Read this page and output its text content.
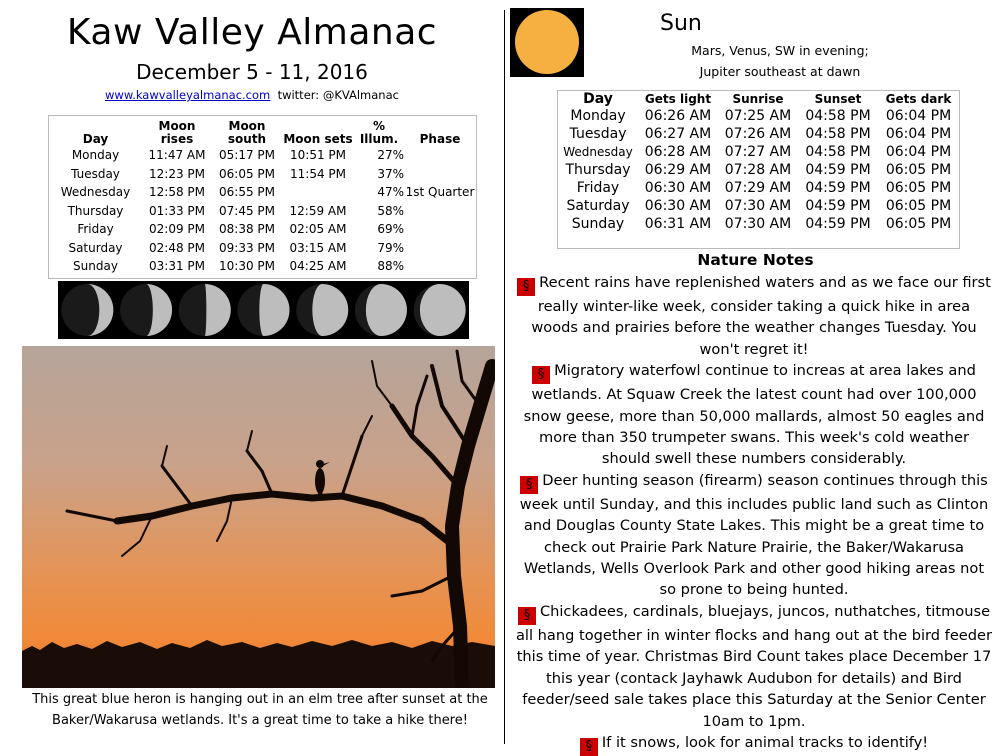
Kaw Valley Almanac
December 5 - 11, 2016
www.kawvalleyalmanac.com twitter: @KVAlmanac
Day	Moon rises	Moon south	Moon sets	% Illum.	Phase
Monday	11:47 AM	05:17 PM	10:51 PM	27%	
Tuesday	12:23 PM	06:05 PM	11:54 PM	37%	
Wednesday	12:58 PM	06:55 PM		47%	1st Quarter
Thursday	01:33 PM	07:45 PM	12:59 AM	58%	
Friday	02:09 PM	08:38 PM	02:05 AM	69%	
Saturday	02:48 PM	09:33 PM	03:15 AM	79%	
Sunday	03:31 PM	10:30 PM	04:25 AM	88%	
This great blue heron is hanging out in an elm tree after sunset at the Baker/Wakarusa wetlands. It's a great time to take a hike there!
Sun
Mars, Venus, SW in evening;
Jupiter southeast at dawn
Day	Gets light	Sunrise	Sunset	Gets dark
Monday	06:26 AM	07:25 AM	04:58 PM	06:04 PM
Tuesday	06:27 AM	07:26 AM	04:58 PM	06:04 PM
Wednesday	06:28 AM	07:27 AM	04:58 PM	06:04 PM
Thursday	06:29 AM	07:28 AM	04:59 PM	06:05 PM
Friday	06:30 AM	07:29 AM	04:59 PM	06:05 PM
Saturday	06:30 AM	07:30 AM	04:59 PM	06:05 PM
Sunday	06:31 AM	07:30 AM	04:59 PM	06:05 PM
Nature Notes

§ Recent rains have replenished waters and as we face our first really winter-like week, consider taking a quick hike in area woods and prairies before the weather changes Tuesday. You won't regret it!

§ Migratory waterfowl continue to increas at area lakes and wetlands. At Squaw Creek the latest count had over 100,000 snow geese, more than 50,000 mallards, almost 50 eagles and more than 350 trumpeter swans. This week's cold weather should swell these numbers considerably.

§ Deer hunting season (firearm) season continues through this week until Sunday, and this includes public land such as Clinton and Douglas County State Lakes. This might be a great time to check out Prairie Park Nature Prairie, the Baker/Wakarusa Wetlands, Wells Overlook Park and other good hiking areas not so prone to being hunted.

§ Chickadees, cardinals, bluejays, juncos, nuthatches, titmouse all hang together in winter flocks and hang out at the bird feeder this time of year. Christmas Bird Count takes place December 17 this year (contack Jayhawk Audubon for details) and Bird feeder/seed sale takes place this Saturday at the Senior Center 10am to 1pm.

§ If it snows, look for animal tracks to identify!
